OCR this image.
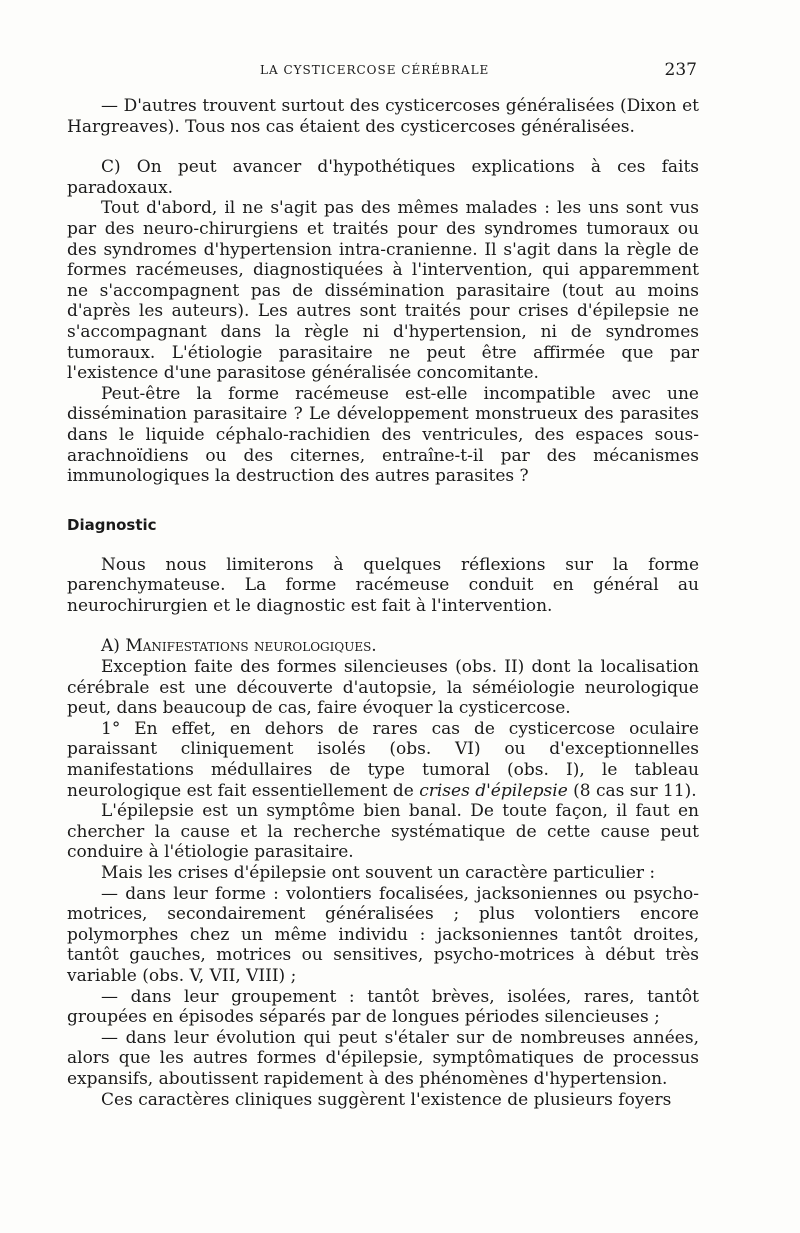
LA CYSTICERCOSE CÉRÉBRALE	237

— D'autres trouvent surtout des cysticercoses généralisées (Dixon et Hargreaves). Tous nos cas étaient des cysticercoses généralisées.

C) On peut avancer d'hypothétiques explications à ces faits paradoxaux.

Tout d'abord, il ne s'agit pas des mêmes malades : les uns sont vus par des neuro-chirurgiens et traités pour des syndromes tumoraux ou des syndromes d'hypertension intra-cranienne. Il s'agit dans la règle de formes racémeuses, diagnostiquées à l'intervention, qui apparemment ne s'accompagnent pas de dissémination parasitaire (tout au moins d'après les auteurs). Les autres sont traités pour crises d'épilepsie ne s'accompagnant dans la règle ni d'hypertension, ni de syndromes tumoraux. L'étiologie parasitaire ne peut être affirmée que par l'existence d'une parasitose généralisée concomitante.

Peut-être la forme racémeuse est-elle incompatible avec une dissémination parasitaire ? Le développement monstrueux des parasites dans le liquide céphalo-rachidien des ventricules, des espaces sous-arachnoïdiens ou des citernes, entraîne-t-il par des mécanismes immunologiques la destruction des autres parasites ?

Diagnostic

Nous nous limiterons à quelques réflexions sur la forme parenchymateuse. La forme racémeuse conduit en général au neurochirurgien et le diagnostic est fait à l'intervention.

A) Manifestations neurologiques.

Exception faite des formes silencieuses (obs. II) dont la localisation cérébrale est une découverte d'autopsie, la séméiologie neurologique peut, dans beaucoup de cas, faire évoquer la cysticercose.

1° En effet, en dehors de rares cas de cysticercose oculaire paraissant cliniquement isolés (obs. VI) ou d'exceptionnelles manifestations médullaires de type tumoral (obs. I), le tableau neurologique est fait essentiellement de crises d'épilepsie (8 cas sur 11).

L'épilepsie est un symptôme bien banal. De toute façon, il faut en chercher la cause et la recherche systématique de cette cause peut conduire à l'étiologie parasitaire.

Mais les crises d'épilepsie ont souvent un caractère particulier :

— dans leur forme : volontiers focalisées, jacksoniennes ou psycho-motrices, secondairement généralisées ; plus volontiers encore polymorphes chez un même individu : jacksoniennes tantôt droites, tantôt gauches, motrices ou sensitives, psycho-motrices à début très variable (obs. V, VII, VIII) ;

— dans leur groupement : tantôt brèves, isolées, rares, tantôt groupées en épisodes séparés par de longues périodes silencieuses ;

— dans leur évolution qui peut s'étaler sur de nombreuses années, alors que les autres formes d'épilepsie, symptômatiques de processus expansifs, aboutissent rapidement à des phénomènes d'hypertension.

Ces caractères cliniques suggèrent l'existence de plusieurs foyers
